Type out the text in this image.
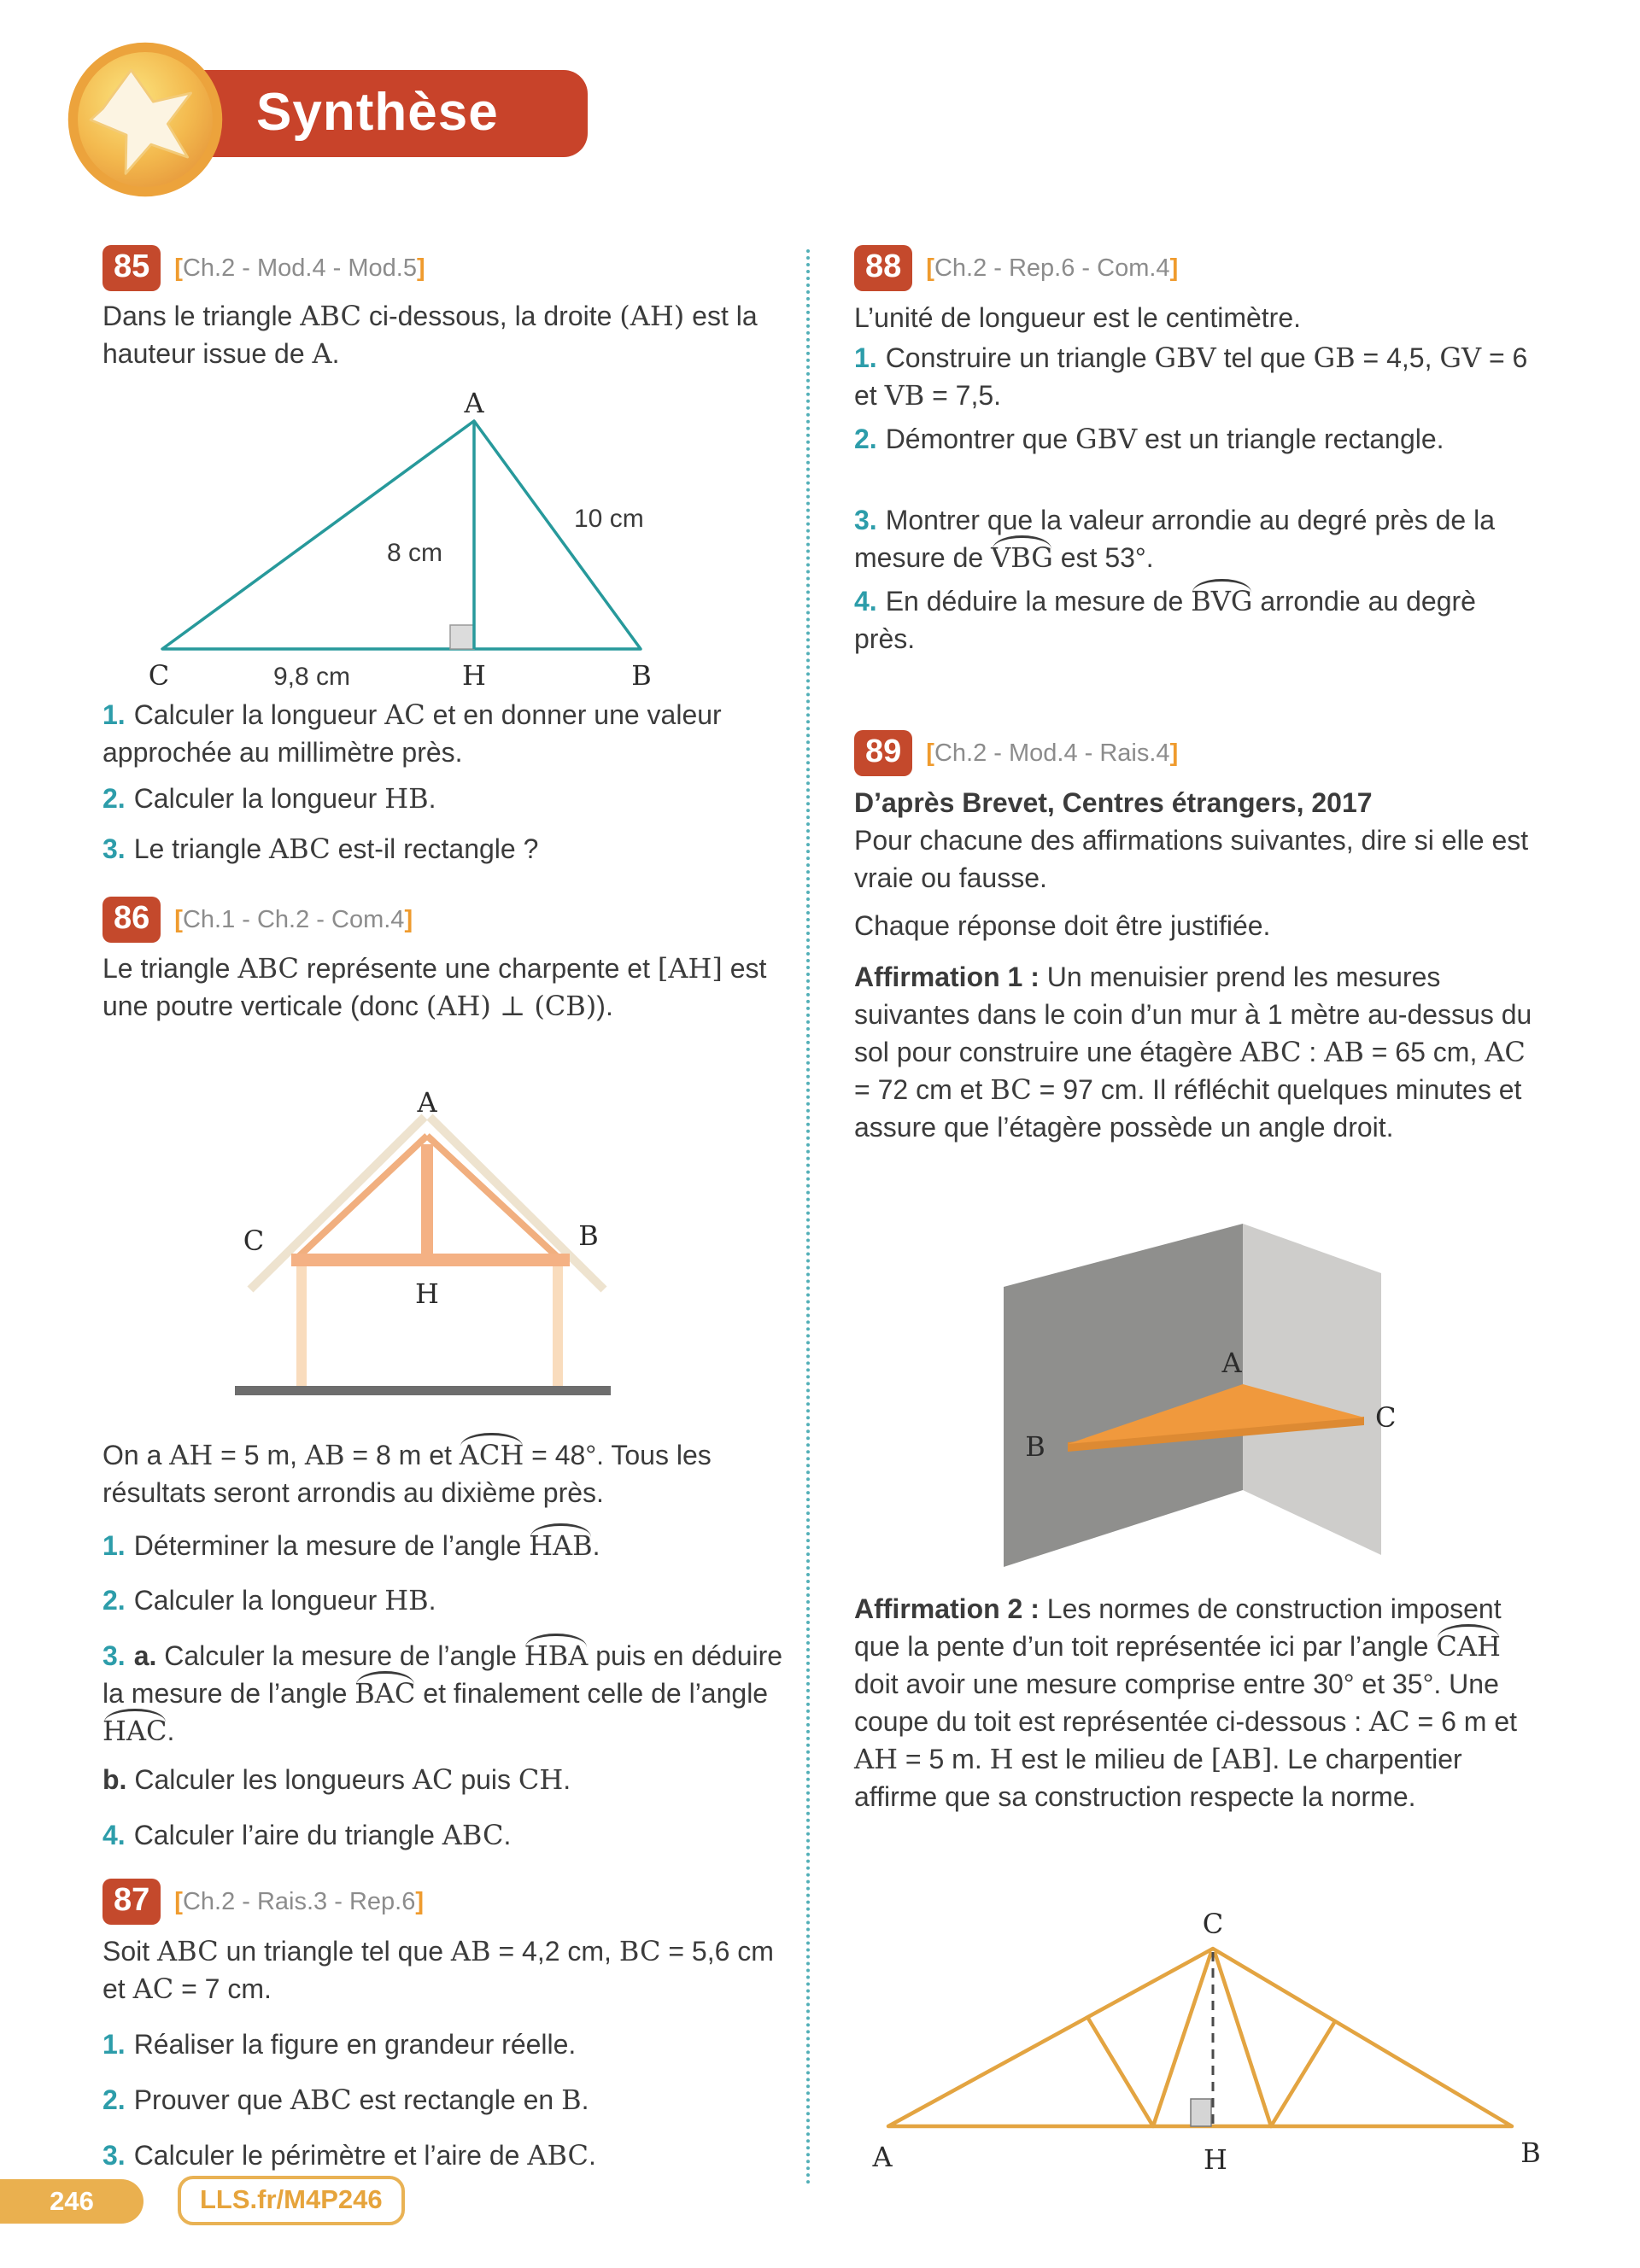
Synthèse
85	[Ch.2 - Mod.4 - Mod.5]
Dans le triangle ABC ci-dessous, la droite (AH) est la hauteur issue de A.
A
C	B
H
8 cm
10 cm
9,8 cm
1. Calculer la longueur AC et en donner une valeur approchée au millimètre près.
2. Calculer la longueur HB.
3. Le triangle ABC est-il rectangle ?
86	[Ch.1 - Ch.2 - Com.4]
Le triangle ABC représente une charpente et [AH] est une poutre verticale (donc (AH) ⊥ (CB)).
A
C	B
H
On a AH = 5 m, AB = 8 m et ACH = 48°. Tous les résultats seront arrondis au dixième près.
1. Déterminer la mesure de l’angle HAB.
2. Calculer la longueur HB.
3. a. Calculer la mesure de l’angle HBA puis en déduire la mesure de l’angle BAC et finalement celle de l’angle HAC.
b. Calculer les longueurs AC puis CH.
4. Calculer l’aire du triangle ABC.
87	[Ch.2 - Rais.3 - Rep.6]
Soit ABC un triangle tel que AB = 4,2 cm, BC = 5,6 cm et AC = 7 cm.
1. Réaliser la figure en grandeur réelle.
2. Prouver que ABC est rectangle en B.
3. Calculer le périmètre et l’aire de ABC.
88	[Ch.2 - Rep.6 - Com.4]
L’unité de longueur est le centimètre.
1. Construire un triangle GBV tel que GB = 4,5, GV = 6 et VB = 7,5.
2. Démontrer que GBV est un triangle rectangle.
3. Montrer que la valeur arrondie au degré près de la mesure de VBG est 53°.
4. En déduire la mesure de BVG arrondie au degrè près.
89	[Ch.2 - Mod.4 - Rais.4]
D’après Brevet, Centres étrangers, 2017
Pour chacune des affirmations suivantes, dire si elle est vraie ou fausse.
Chaque réponse doit être justifiée.
Affirmation 1 : Un menuisier prend les mesures suivantes dans le coin d’un mur à 1 mètre au-dessus du sol pour construire une étagère ABC : AB = 65 cm, AC = 72 cm et BC = 97 cm. Il réfléchit quelques minutes et assure que l’étagère possède un angle droit.
A
B
C
Affirmation 2 : Les normes de construction imposent que la pente d’un toit représentée ici par l’angle CAH doit avoir une mesure comprise entre 30° et 35°. Une coupe du toit est représentée ci-dessous : AC = 6 m et AH = 5 m. H est le milieu de [AB]. Le charpentier affirme que sa construction respecte la norme.
C
A	B
H
246	LLS.fr/M4P246
